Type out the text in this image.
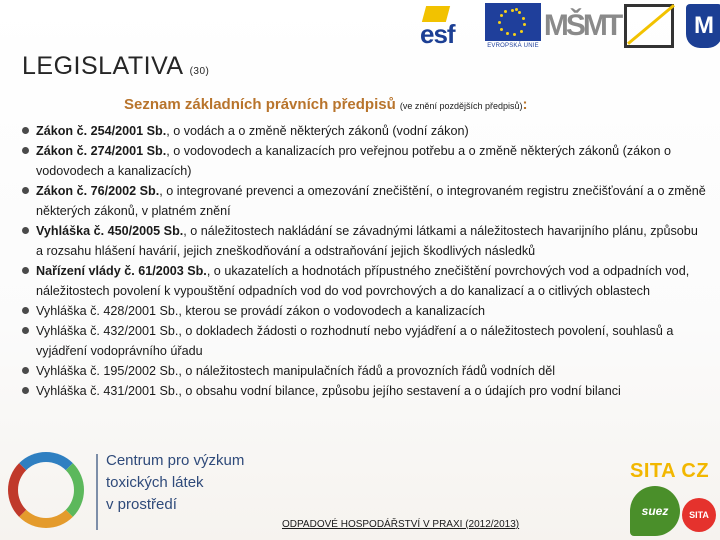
esf	EVROPSKÁ UNIE
MŠMT	M
LEGISLATIVA (30)
Seznam základních právních předpisů (ve znění pozdějších předpisů):
Zákon č. 254/2001 Sb., o vodách a o změně některých zákonů (vodní zákon)
Zákon č. 274/2001 Sb., o vodovodech a kanalizacích pro veřejnou potřebu a o změně některých zákonů (zákon o vodovodech a kanalizacích)
Zákon č. 76/2002 Sb., o integrované prevenci a omezování znečištění, o integrovaném registru znečišťování a o změně některých zákonů, v platném znění
Vyhláška č. 450/2005 Sb., o náležitostech nakládání se závadnými látkami a náležitostech havarijního plánu, způsobu a rozsahu hlášení havárií, jejich zneškodňování a odstraňování jejich škodlivých následků
Nařízení vlády č. 61/2003 Sb., o ukazatelích a hodnotách přípustného znečištění povrchových vod a odpadních vod, náležitostech povolení k vypouštění odpadních vod do vod povrchových a do kanalizací a o citlivých oblastech
Vyhláška č. 428/2001 Sb., kterou se provádí zákon o vodovodech a kanalizacích
Vyhláška č. 432/2001 Sb., o dokladech žádosti o rozhodnutí nebo vyjádření a o náležitostech povolení, souhlasů a vyjádření vodoprávního úřadu
Vyhláška č. 195/2002 Sb., o náležitostech manipulačních řádů a provozních řádů vodních děl
Vyhláška č. 431/2001 Sb., o obsahu vodní bilance, způsobu jejího sestavení a o údajích pro vodní bilanci
Centrum pro výzkum
toxických látek
v prostředí
ODPADOVÉ HOSPODÁŘSTVÍ V PRAXI (2012/2013)
SITA CZ
suez	SITA
